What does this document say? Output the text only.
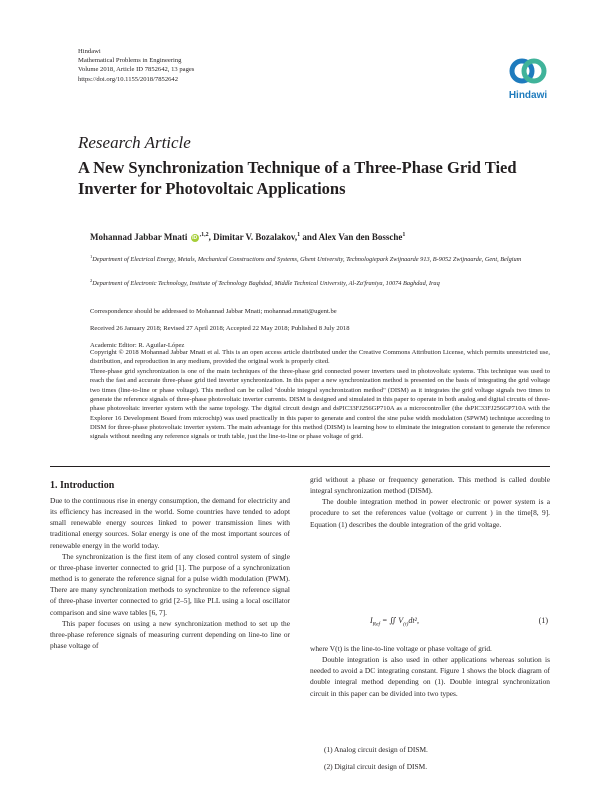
Hindawi
Mathematical Problems in Engineering
Volume 2018, Article ID 7852642, 13 pages
https://doi.org/10.1155/2018/7852642
Hindawi
Research Article
A New Synchronization Technique of a Three-Phase Grid Tied Inverter for Photovoltaic Applications
Mohannad Jabbar Mnati iD $^{,1,2}$, Dimitar V. Bozalakov,$^1$ and Alex Van den Bossche$^1$
$^1$Department of Electrical Energy, Metals, Mechanical Constructions and Systems, Ghent University, Technologiepark Zwijnaarde 913, B-9052 Zwijnaarde, Gent, Belgium
$^2$Department of Electronic Technology, Institute of Technology Baghdad, Middle Technical University, Al-Za'franiya, 10074 Baghdad, Iraq
Correspondence should be addressed to Mohannad Jabbar Mnati; mohannad.mnati@ugent.be
Received 26 January 2018; Revised 27 April 2018; Accepted 22 May 2018; Published 8 July 2018
Academic Editor: R. Aguilar-López
Copyright © 2018 Mohannad Jabbar Mnati et al. This is an open access article distributed under the Creative Commons Attribution License, which permits unrestricted use, distribution, and reproduction in any medium, provided the original work is properly cited.
Three-phase grid synchronization is one of the main techniques of the three-phase grid connected power inverters used in photovoltaic systems. This technique was used to reach the fast and accurate three-phase grid tied inverter synchronization. In this paper a new synchronization method is presented on the basis of integrating the grid voltage two times (line-to-line or phase voltage). This method can be called "double integral synchronization method" (DISM) as it integrates the grid voltage signals two times to generate the reference signals of three-phase photovoltaic inverter currents. DISM is designed and simulated in this paper to operate in both analog and digital circuits of three-phase photovoltaic inverter system with the same topology. The digital circuit design and dsPIC33FJ256GP710A as a microcontroller (the dsPIC33FJ256GP710A with the Explorer 16 Development Board from microchip) was used practically in this paper to generate and control the sine pulse width modulation (SPWM) technique according to DISM for three-phase photovoltaic inverter system. The main advantage for this method (DISM) is learning how to eliminate the integration constant to generate the reference signals without needing any reference signals or truth table, just the line-to-line or phase voltage of grid.
1. Introduction

Due to the continuous rise in energy consumption, the demand for electricity and its efficiency has increased in the world. Some countries have tended to adopt small renewable energy sources linked to power transmission lines with traditional energy sources. Solar energy is one of the most important sources of renewable energy in the world today.

The synchronization is the first item of any closed control system of single or three-phase inverter connected to grid [1]. The purpose of a synchronization method is to generate the reference signal for a pulse width modulation (PWM). There are many synchronization methods to synchronize to the reference signal of three-phase inverter connected to grid [2–5], like PLL using a local oscillator comparison and sine wave tables [6, 7].

This paper focuses on using a new synchronization method to set up the three-phase reference signals of measuring current depending on line-to line or phase voltage of

grid without a phase or frequency generation. This method is called double integral synchronization method (DISM).

The double integration method in power electronic or power system is a procedure to set the references value (voltage or current ) in the time[8, 9]. Equation (1) describes the double integration of the grid voltage.

$I_{Ref}$ = ∬ $V_{(t)}dt^2$,	(1)

where V(t) is the line-to-line voltage or phase voltage of grid.

Double integration is also used in other applications whereas solution is needed to avoid a DC integrating constant. Figure 1 shows the block diagram of double integral method depending on (1). Double integral synchronization circuit in this paper can be divided into two types.

(1) Analog circuit design of DISM.
(2) Digital circuit design of DISM.
